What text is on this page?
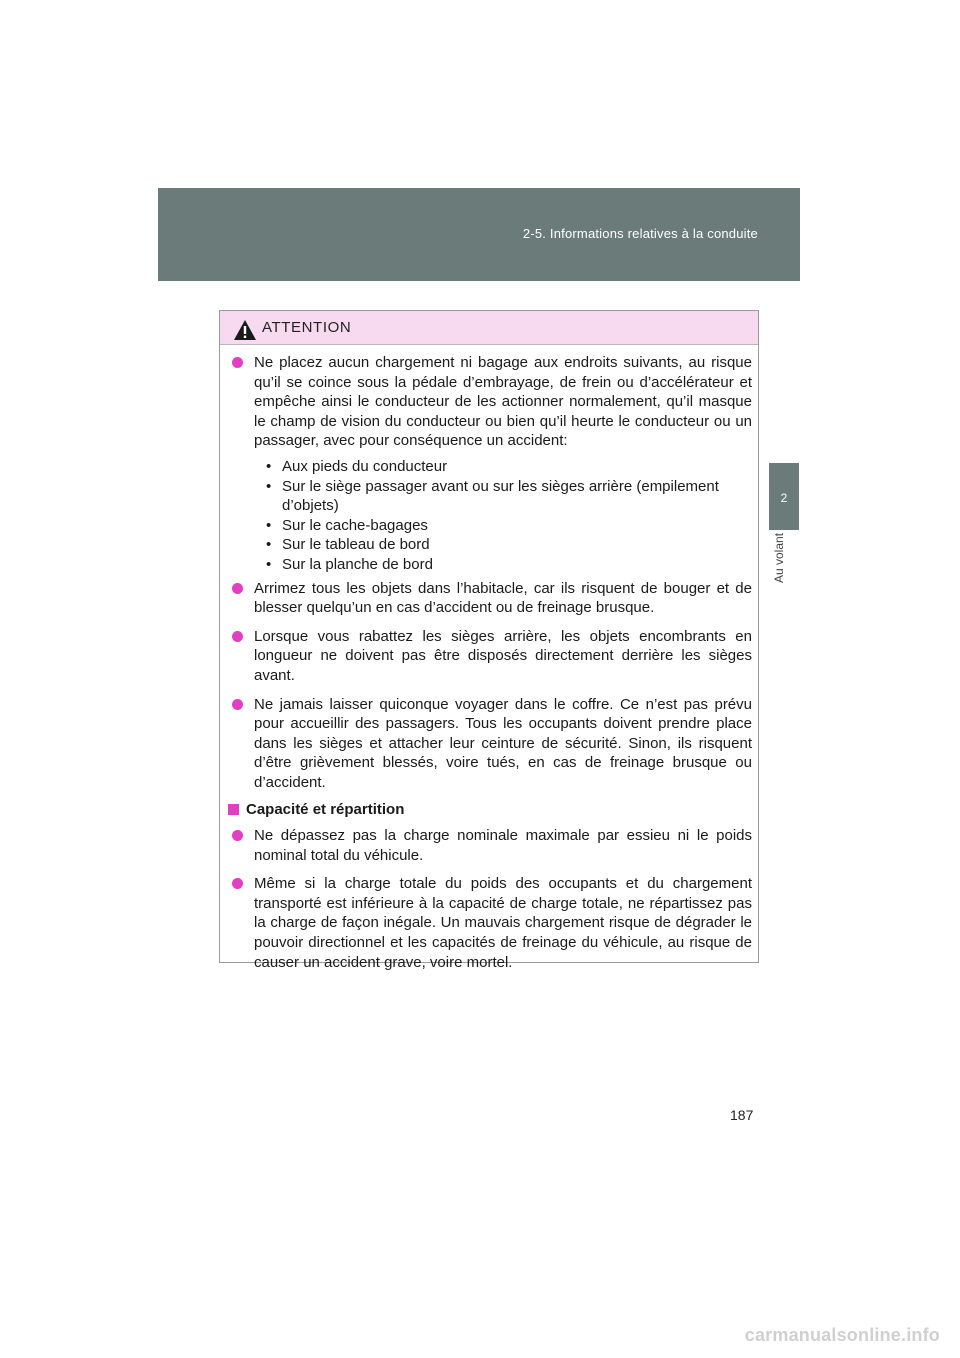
2-5. Informations relatives à la conduite
2
Au volant
ATTENTION
Ne placez aucun chargement ni bagage aux endroits suivants, au risque qu’il se coince sous la pédale d’embrayage, de frein ou d’accélérateur et empêche ainsi le conducteur de les actionner normalement, qu’il masque le champ de vision du conducteur ou bien qu’il heurte le conducteur ou un passager, avec pour conséquence un accident:
• Aux pieds du conducteur
• Sur le siège passager avant ou sur les sièges arrière (empilement d’objets)
• Sur le cache-bagages
• Sur le tableau de bord
• Sur la planche de bord
Arrimez tous les objets dans l’habitacle, car ils risquent de bouger et de blesser quelqu’un en cas d’accident ou de freinage brusque.
Lorsque vous rabattez les sièges arrière, les objets encombrants en longueur ne doivent pas être disposés directement derrière les sièges avant.
Ne jamais laisser quiconque voyager dans le coffre. Ce n’est pas prévu pour accueillir des passagers. Tous les occupants doivent prendre place dans les sièges et attacher leur ceinture de sécurité. Sinon, ils risquent d’être grièvement blessés, voire tués, en cas de freinage brusque ou d’accident.
Capacité et répartition
Ne dépassez pas la charge nominale maximale par essieu ni le poids nominal total du véhicule.
Même si la charge totale du poids des occupants et du chargement transporté est inférieure à la capacité de charge totale, ne répartissez pas la charge de façon inégale. Un mauvais chargement risque de dégrader le pouvoir directionnel et les capacités de freinage du véhicule, au risque de causer un accident grave, voire mortel.
187
carmanualsonline.info
